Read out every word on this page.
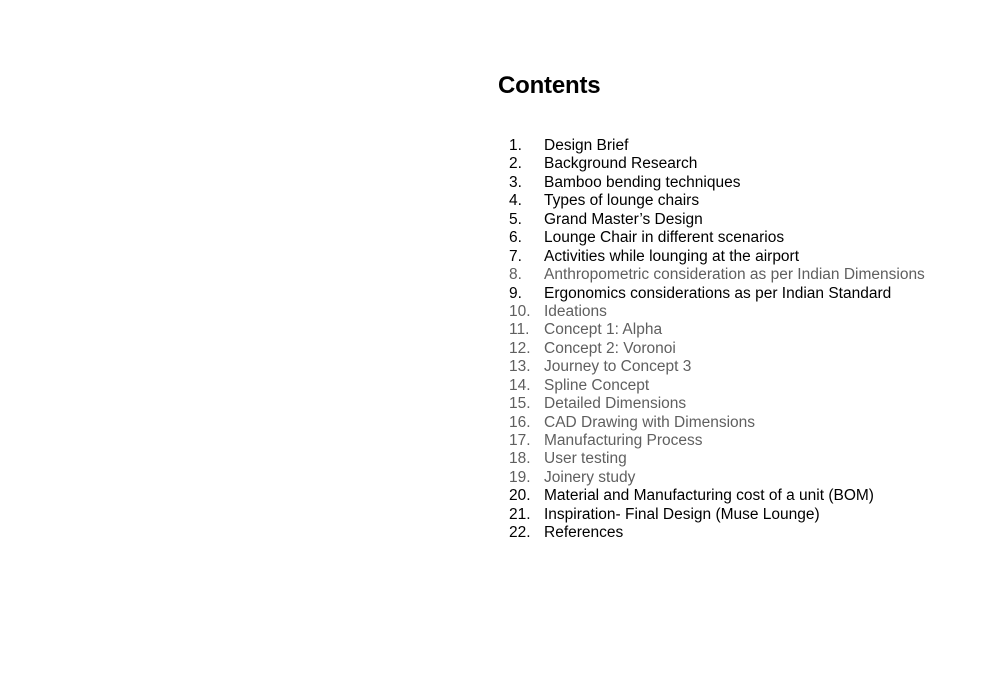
Contents
1.	Design Brief
2.	Background Research
3.	Bamboo bending techniques
4.	Types of lounge chairs
5.	Grand Master’s Design
6.	Lounge Chair in different scenarios
7.	Activities while lounging at the airport
8.	Anthropometric consideration as per Indian Dimensions
9.	Ergonomics considerations as per Indian Standard
10. Ideations
11. Concept 1: Alpha
12. Concept 2: Voronoi
13. Journey to Concept 3
14. Spline Concept
15. Detailed Dimensions
16. CAD Drawing with Dimensions
17. Manufacturing Process
18. User testing
19. Joinery study
20. Material and Manufacturing cost of a unit (BOM)
21. Inspiration- Final Design (Muse Lounge)
22. References
